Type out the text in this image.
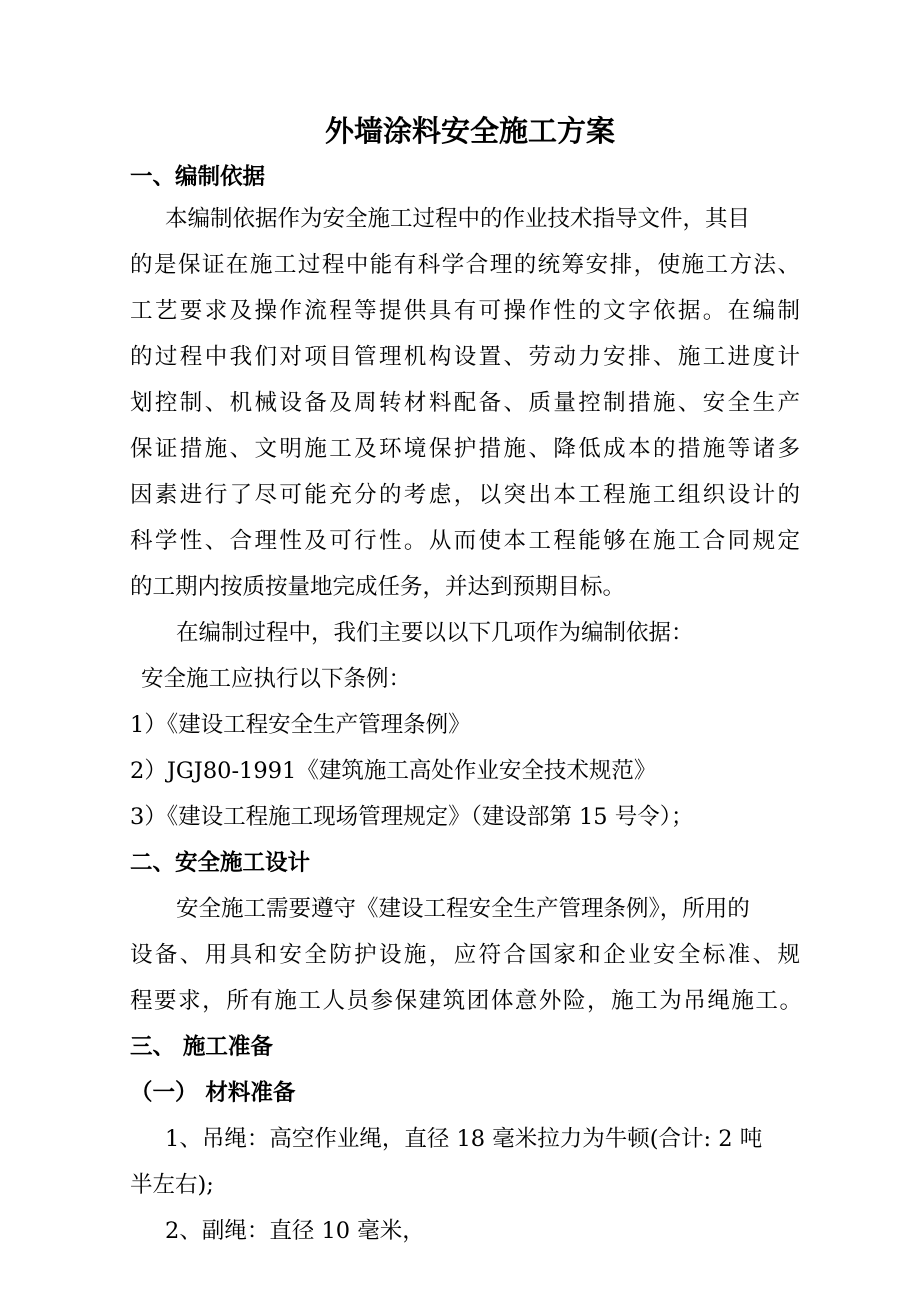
外墙涂料安全施工方案
一、编制依据
本编制依据作为安全施工过程中的作业技术指导文件，其目
的是保证在施工过程中能有科学合理的统筹安排，使施工方法、
工艺要求及操作流程等提供具有可操作性的文字依据。在编制
的过程中我们对项目管理机构设置、劳动力安排、施工进度计
划控制、机械设备及周转材料配备、质量控制措施、安全生产
保证措施、文明施工及环境保护措施、降低成本的措施等诸多
因素进行了尽可能充分的考虑，以突出本工程施工组织设计的
科学性、合理性及可行性。从而使本工程能够在施工合同规定
的工期内按质按量地完成任务，并达到预期目标。
在编制过程中，我们主要以以下几项作为编制依据：
安全施工应执行以下条例：
1）《建设工程安全生产管理条例》
2）JGJ80-1991《建筑施工高处作业安全技术规范》
3）《建设工程施工现场管理规定》（建设部第 15 号令）；
二、安全施工设计
安全施工需要遵守《建设工程安全生产管理条例》，所用的
设备、用具和安全防护设施，应符合国家和企业安全标准、规
程要求，所有施工人员参保建筑团体意外险，施工为吊绳施工。
三、 施工准备
（一） 材料准备
1、吊绳：高空作业绳，直径 18 毫米拉力为牛顿(合计: 2 吨
半左右);
2、副绳：直径 10 毫米，
